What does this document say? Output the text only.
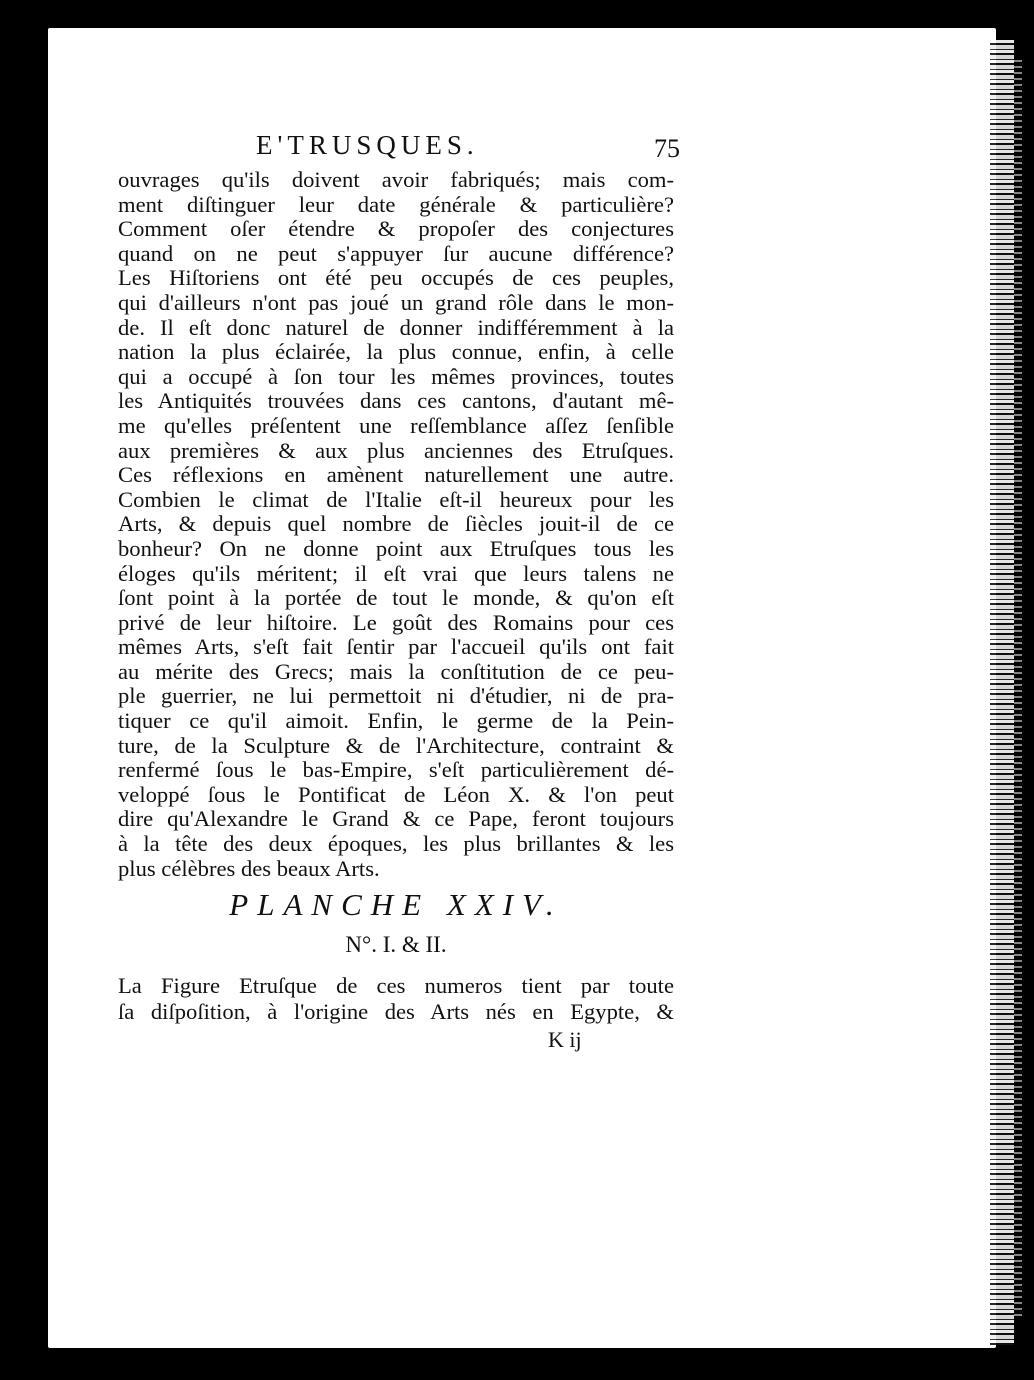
E'TRUSQUES.	75
ouvrages qu'ils doivent avoir fabriqués; mais com-
ment diſtinguer leur date générale & particulière?
Comment oſer étendre & propoſer des conjectures
quand on ne peut s'appuyer ſur aucune différence?
Les Hiſtoriens ont été peu occupés de ces peuples,
qui d'ailleurs n'ont pas joué un grand rôle dans le mon-
de. Il eſt donc naturel de donner indifféremment à la
nation la plus éclairée, la plus connue, enfin, à celle
qui a occupé à ſon tour les mêmes provinces, toutes
les Antiquités trouvées dans ces cantons, d'autant mê-
me qu'elles préſentent une reſſemblance aſſez ſenſible
aux premières & aux plus anciennes des Etruſques.
Ces réflexions en amènent naturellement une autre.
Combien le climat de l'Italie eſt-il heureux pour les
Arts, & depuis quel nombre de ſiècles jouit-il de ce
bonheur? On ne donne point aux Etruſques tous les
éloges qu'ils méritent; il eſt vrai que leurs talens ne
ſont point à la portée de tout le monde, & qu'on eſt
privé de leur hiſtoire. Le goût des Romains pour ces
mêmes Arts, s'eſt fait ſentir par l'accueil qu'ils ont fait
au mérite des Grecs; mais la conſtitution de ce peu-
ple guerrier, ne lui permettoit ni d'étudier, ni de pra-
tiquer ce qu'il aimoit. Enfin, le germe de la Pein-
ture, de la Sculpture & de l'Architecture, contraint &
renfermé ſous le bas-Empire, s'eſt particulièrement dé-
veloppé ſous le Pontificat de Léon X. & l'on peut
dire qu'Alexandre le Grand & ce Pape, feront toujours
à la tête des deux époques, les plus brillantes & les
plus célèbres des beaux Arts.
PLANCHE XXIV.
N°. I. & II.
La Figure Etruſque de ces numeros tient par toute
ſa diſpoſition, à l'origine des Arts nés en Egypte, &
K ij
